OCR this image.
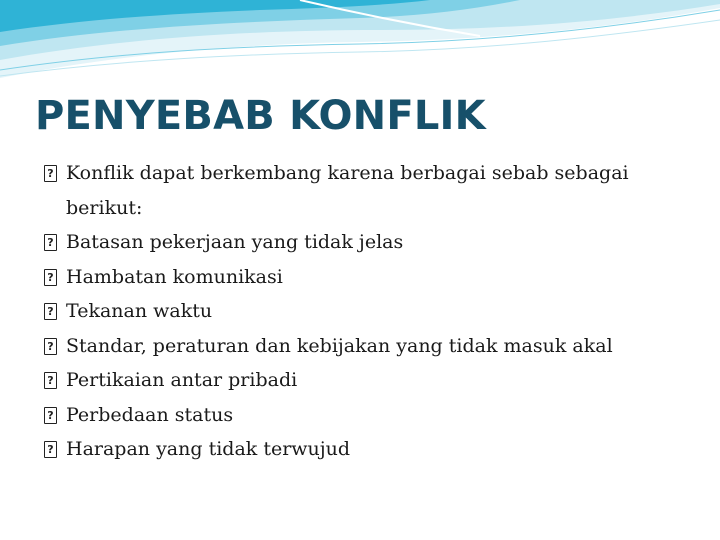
PENYEBAB KONFLIK
?
Konflik dapat berkembang karena berbagai sebab sebagai berikut:
?
Batasan pekerjaan yang tidak jelas
?
Hambatan komunikasi
?
Tekanan waktu
?
Standar, peraturan dan kebijakan yang tidak masuk akal
?
Pertikaian antar pribadi
?
Perbedaan status
?
Harapan yang tidak terwujud
